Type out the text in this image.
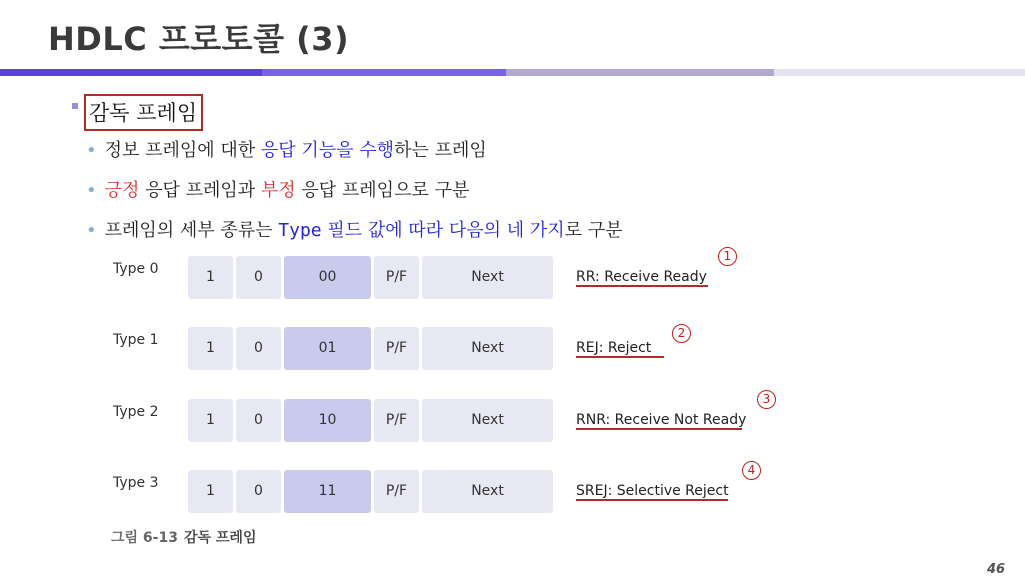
HDLC 프로토콜 (3)
감독 프레임
• 정보 프레임에 대한 응답 기능을 수행하는 프레임
• 긍정 응답 프레임과 부정 응답 프레임으로 구분
• 프레임의 세부 종류는 Type 필드 값에 따라 다음의 네 가지로 구분
Type 0	1	0	00	P/F	Next	RR: Receive Ready
1
Type 1	1	0	01	P/F	Next	REJ: Reject
2
Type 2	1	0	10	P/F	Next	RNR: Receive Not Ready
3
Type 3	1	0	11	P/F	Next	SREJ: Selective Reject
4
그림 6-13 감독 프레임
46
